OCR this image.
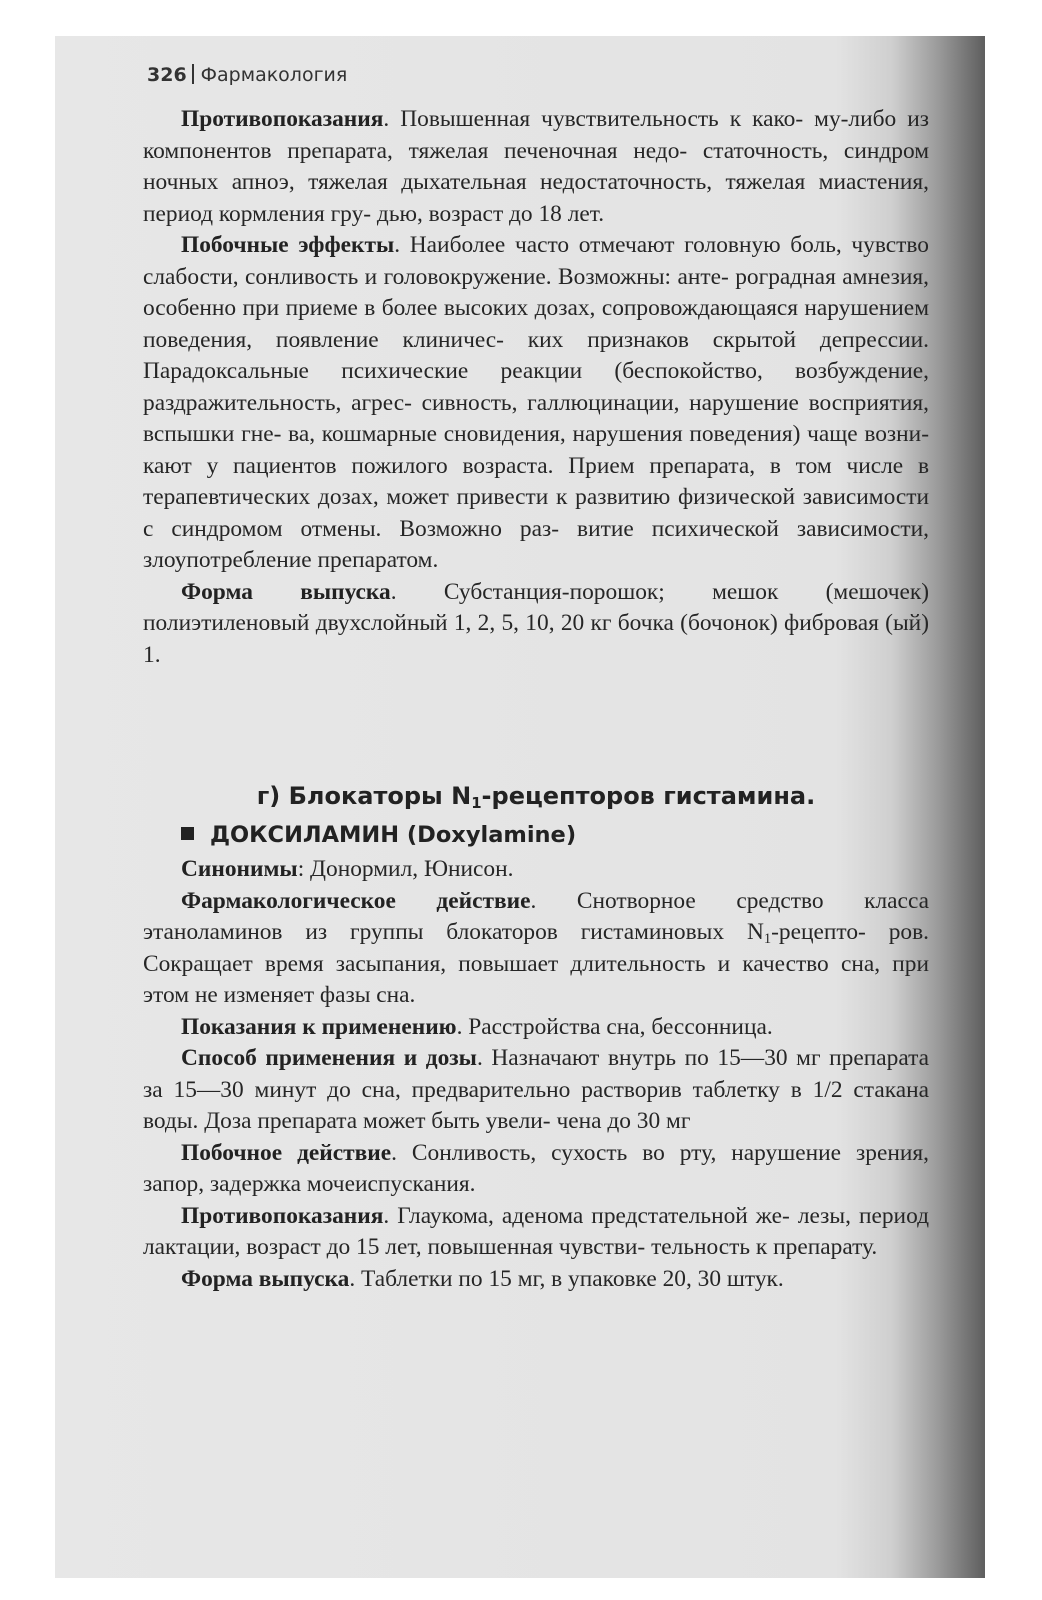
326 Фармакология

Противопоказания. Повышенная чувствительность к како- му-либо из компонентов препарата, тяжелая печеночная недо- статочность, синдром ночных апноэ, тяжелая дыхательная недостаточность, тяжелая миастения, период кормления гру- дью, возраст до 18 лет.

Побочные эффекты. Наиболее часто отмечают головную боль, чувство слабости, сонливость и головокружение. Возможны: анте- роградная амнезия, особенно при приеме в более высоких дозах, сопровождающаяся нарушением поведения, появление клиничес- ких признаков скрытой депрессии. Парадоксальные психические реакции (беспокойство, возбуждение, раздражительность, агрес- сивность, галлюцинации, нарушение восприятия, вспышки гне- ва, кошмарные сновидения, нарушения поведения) чаще возни- кают у пациентов пожилого возраста. Прием препарата, в том числе в терапевтических дозах, может привести к развитию физической зависимости с синдромом отмены. Возможно раз- витие психической зависимости, злоупотребление препаратом.

Форма выпуска. Субстанция-порошок; мешок (мешочек) полиэтиленовый двухслойный 1, 2, 5, 10, 20 кг бочка (бочонок) фибровая (ый) 1.

г) Блокаторы $N_1$-рецепторов гистамина.
ДОКСИЛАМИН (Doxylamine)

Синонимы: Донормил, Юнисон.

Фармакологическое действие. Снотворное средство класса этаноламинов из группы блокаторов гистаминовых $N_1-рецепто-$ ров. Сокращает время засыпания, повышает длительность и качество сна, при этом не изменяет фазы сна.

Показания к применению. Расстройства сна, бессонница.

Способ применения и дозы. Назначают внутрь по 15—30 мг препарата за 15—30 минут до сна, предварительно растворив таблетку в 1/2 стакана воды. Доза препарата может быть увели- чена до 30 мг

Побочное действие. Сонливость, сухость во рту, нарушение зрения, запор, задержка мочеиспускания.

Противопоказания. Глаукома, аденома предстательной же- лезы, период лактации, возраст до 15 лет, повышенная чувстви- тельность к препарату.

Форма выпуска. Таблетки по 15 мг, в упаковке 20, 30 штук.
